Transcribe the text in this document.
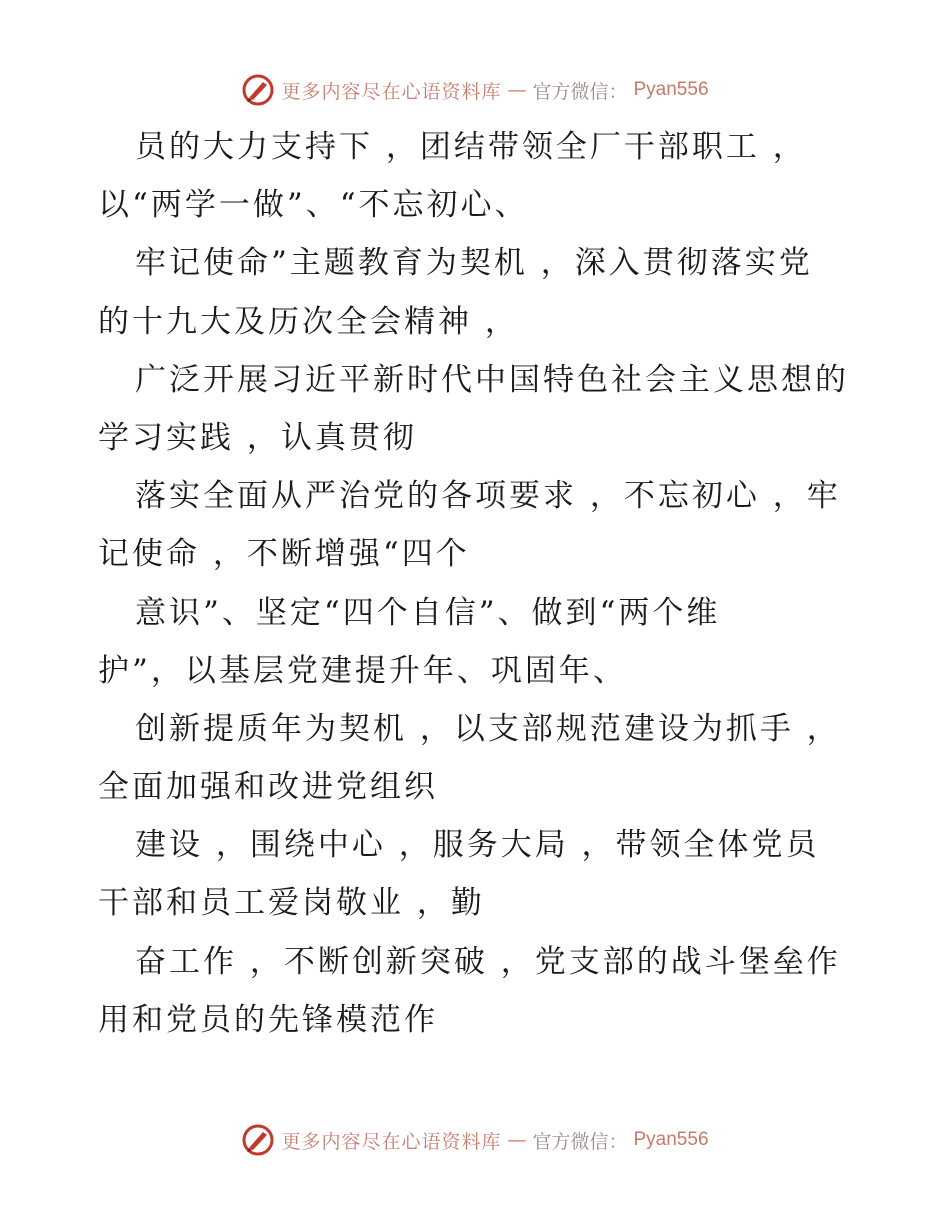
更多内容尽在心语资料库 — 官方微信： Pyan556
员的大力支持下 ，团结带领全厂干部职工 ，
以“两学一做”、“不忘初心、
牢记使命”主题教育为契机 ，深入贯彻落实党
的十九大及历次全会精神 ，
广泛开展习近平新时代中国特色社会主义思想的
学习实践 ，认真贯彻
落实全面从严治党的各项要求 ，不忘初心 ，牢
记使命 ，不断增强“四个
意识”、坚定“四个自信”、做到“两个维
护”，以基层党建提升年、巩固年、
创新提质年为契机 ，以支部规范建设为抓手 ，
全面加强和改进党组织
建设 ，围绕中心 ，服务大局 ，带领全体党员
干部和员工爱岗敬业 ，勤
奋工作 ，不断创新突破 ，党支部的战斗堡垒作
用和党员的先锋模范作
更多内容尽在心语资料库 — 官方微信： Pyan556
